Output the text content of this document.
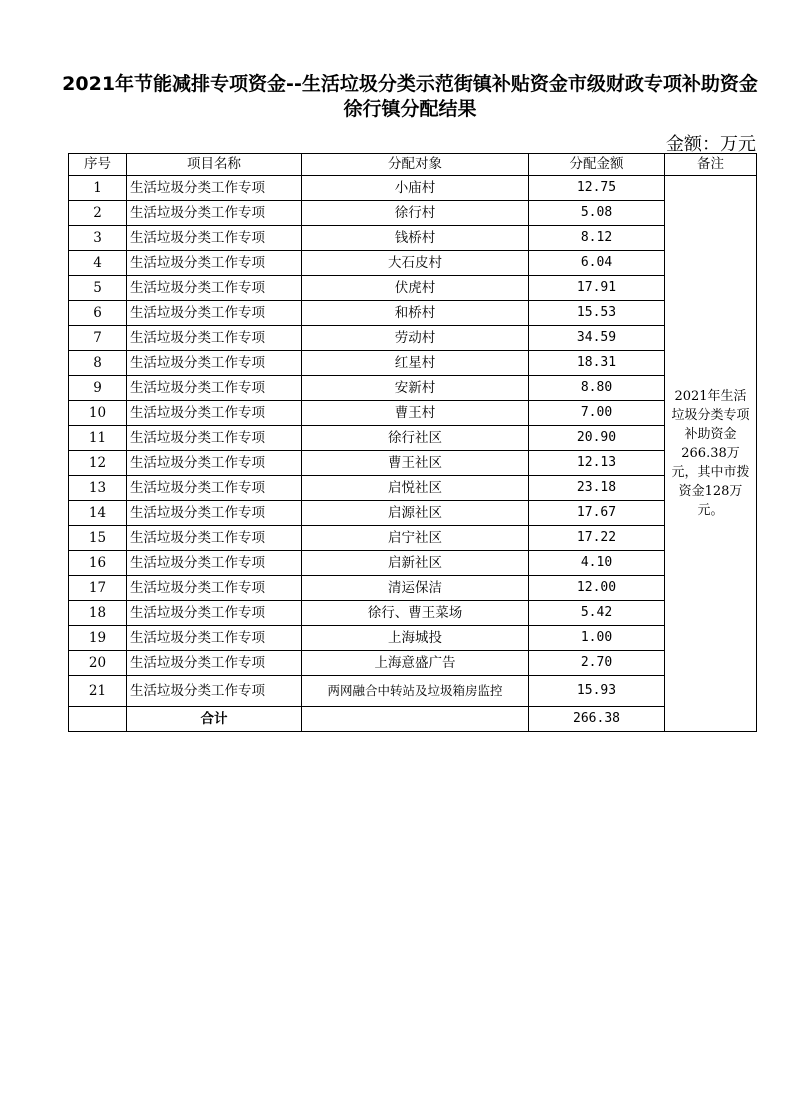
2021年节能减排专项资金--生活垃圾分类示范街镇补贴资金市级财政专项补助资金徐行镇分配结果
金额：万元
序号	项目名称	分配对象	分配金额	备注
1	生活垃圾分类工作专项	小庙村	12.75	2021年生活垃圾分类专项补助资金266.38万元，其中市拨资金128万元。
2	生活垃圾分类工作专项	徐行村	5.08	
3	生活垃圾分类工作专项	钱桥村	8.12	
4	生活垃圾分类工作专项	大石皮村	6.04	
5	生活垃圾分类工作专项	伏虎村	17.91	
6	生活垃圾分类工作专项	和桥村	15.53	
7	生活垃圾分类工作专项	劳动村	34.59	
8	生活垃圾分类工作专项	红星村	18.31	
9	生活垃圾分类工作专项	安新村	8.80	
10	生活垃圾分类工作专项	曹王村	7.00	
11	生活垃圾分类工作专项	徐行社区	20.90	
12	生活垃圾分类工作专项	曹王社区	12.13	
13	生活垃圾分类工作专项	启悦社区	23.18	
14	生活垃圾分类工作专项	启源社区	17.67	
15	生活垃圾分类工作专项	启宁社区	17.22	
16	生活垃圾分类工作专项	启新社区	4.10	
17	生活垃圾分类工作专项	清运保洁	12.00	
18	生活垃圾分类工作专项	徐行、曹王菜场	5.42	
19	生活垃圾分类工作专项	上海城投	1.00	
20	生活垃圾分类工作专项	上海意盛广告	2.70	
21	生活垃圾分类工作专项	两网融合中转站及垃圾箱房监控	15.93	
	合计		266.38	
